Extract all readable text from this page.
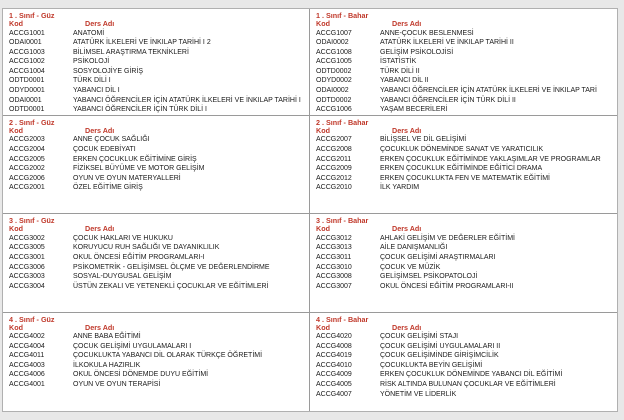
1 . Sınıf - Güz
Kod	Ders Adı
ACCG1001	ANATOMİ
ODAI0001	ATATÜRK İLKELERİ VE İNKILAP TARİHİ I 2
ACCG1003	BİLİMSEL ARAŞTIRMA TEKNİKLERİ
ACCG1002	PSİKOLOJİ
ACCG1004	SOSYOLOJİYE GİRİŞ
ODTD0001	TÜRK DİLİ I
ODYD0001	YABANCI DİL I
ODAI0001	YABANCI ÖĞRENCİLER İÇİN ATATÜRK İLKELERİ VE İNKILAP TARİHİ I
ODTD0001	YABANCI ÖĞRENCİLER İÇİN TÜRK DİLİ I
1 . Sınıf - Bahar
Kod	Ders Adı
ACCG1007	ANNE-ÇOCUK BESLENMESİ
ODAI0002	ATATÜRK İLKELERİ VE İNKILAP TARİHİ II
ACCG1008	GELİŞİM PSİKOLOJİSİ
ACCG1005	İSTATİSTİK
ODTD0002	TÜRK DİLİ II
ODYD0002	YABANCI DİL II
ODAI0002	YABANCI ÖĞRENCİLER İÇİN ATATÜRK İLKELERİ VE İNKILAP TARİ
ODTD0002	YABANCI ÖĞRENCİLER İÇİN TÜRK DİLİ II
ACCG1006	YAŞAM BECERİLERİ
2 . Sınıf - Güz
Kod	Ders Adı
ACCG2003	ANNE ÇOCUK SAĞLIĞI
ACCG2004	ÇOCUK EDEBİYATI
ACCG2005	ERKEN ÇOCUKLUK EĞİTİMİNE GİRİŞ
ACCG2002	FİZİKSEL BÜYÜME VE MOTOR GELİŞİM
ACCG2006	OYUN VE OYUN MATERYALLERİ
ACCG2001	ÖZEL EĞİTİME GİRİŞ
2 . Sınıf - Bahar
Kod	Ders Adı
ACCG2007	BİLİŞSEL VE DİL GELİŞİMİ
ACCG2008	ÇOCUKLUK DÖNEMİNDE SANAT VE YARATICILIK
ACCG2011	ERKEN ÇOCUKLUK EĞİTİMİNDE YAKLAŞIMLAR VE PROGRAMLAR
ACCG2009	ERKEN ÇOCUKLUK EĞİTİMİNDE EĞİTİCİ DRAMA
ACCG2012	ERKEN ÇOCUKLUKTA FEN VE MATEMATİK EĞİTİMİ
ACCG2010	İLK YARDIM
3 . Sınıf - Güz
Kod	Ders Adı
ACCG3002	ÇOCUK HAKLARI VE HUKUKU
ACCG3005	KORUYUCU RUH SAĞLIĞI VE DAYANIKLILIK
ACCG3001	OKUL ÖNCESİ EĞİTİM PROGRAMLARI-I
ACCG3006	PSİKOMETRİK - GELİŞİMSEL ÖLÇME VE DEĞERLENDİRME
ACCG3003	SOSYAL-DUYGUSAL GELİŞİM
ACCG3004	ÜSTÜN ZEKALI VE YETENEKLİ ÇOCUKLAR VE EĞİTİMLERİ
3 . Sınıf - Bahar
Kod	Ders Adı
ACCG3012	AHLAKİ GELİŞİM VE DEĞERLER EĞİTİMİ
ACCG3013	AİLE DANIŞMANLIĞI
ACCG3011	ÇOCUK GELİŞİMİ ARAŞTIRMALARI
ACCG3010	ÇOCUK VE MÜZİK
ACCG3008	GELİŞİMSEL PSİKOPATOLOJİ
ACCG3007	OKUL ÖNCESİ EĞİTİM PROGRAMLARI-II
4 . Sınıf - Güz
Kod	Ders Adı
ACCG4002	ANNE BABA EĞİTİMİ
ACCG4004	ÇOCUK GELİŞİMİ UYGULAMALARI I
ACCG4011	ÇOCUKLUKTA YABANCI DİL OLARAK TÜRKÇE ÖĞRETİMİ
ACCG4003	İLKOKULA HAZIRLIK
ACCG4006	OKUL ÖNCESİ DÖNEMDE DUYU EĞİTİMİ
ACCG4001	OYUN VE OYUN TERAPİSİ
4 . Sınıf - Bahar
Kod	Ders Adı
ACCG4020	ÇOCUK GELİŞİMİ STAJI
ACCG4008	ÇOCUK GELİŞİMİ UYGULAMALARI II
ACCG4019	ÇOCUK GELİŞİMİNDE GİRİŞİMCİLİK
ACCG4010	ÇOCUKLUKTA BEYİN GELİŞİMİ
ACCG4009	ERKEN ÇOCUKLUK DÖNEMİNDE YABANCI DİL EĞİTİMİ
ACCG4005	RİSK ALTINDA BULUNAN ÇOCUKLAR VE EĞİTİMLERİ
ACCG4007	YÖNETİM VE LİDERLİK
